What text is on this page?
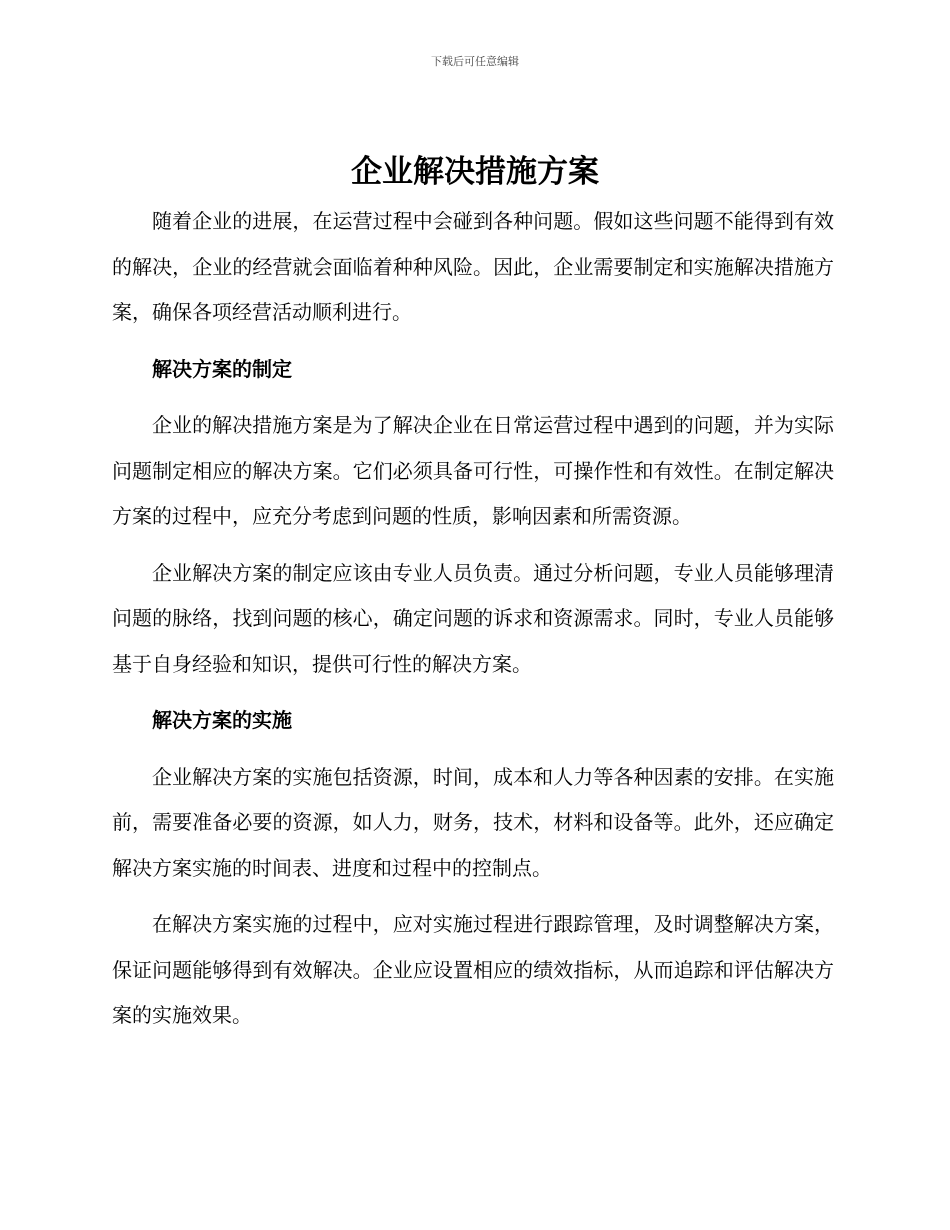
下载后可任意编辑
企业解决措施方案

随着企业的进展，在运营过程中会碰到各种问题。假如这些问题不能得到有效的解决，企业的经营就会面临着种种风险。因此，企业需要制定和实施解决措施方案，确保各项经营活动顺利进行。

解决方案的制定

企业的解决措施方案是为了解决企业在日常运营过程中遇到的问题，并为实际问题制定相应的解决方案。它们必须具备可行性，可操作性和有效性。在制定解决方案的过程中，应充分考虑到问题的性质，影响因素和所需资源。

企业解决方案的制定应该由专业人员负责。通过分析问题，专业人员能够理清问题的脉络，找到问题的核心，确定问题的诉求和资源需求。同时，专业人员能够基于自身经验和知识，提供可行性的解决方案。

解决方案的实施

企业解决方案的实施包括资源，时间，成本和人力等各种因素的安排。在实施前，需要准备必要的资源，如人力，财务，技术，材料和设备等。此外，还应确定解决方案实施的时间表、进度和过程中的控制点。

在解决方案实施的过程中，应对实施过程进行跟踪管理，及时调整解决方案，保证问题能够得到有效解决。企业应设置相应的绩效指标，从而追踪和评估解决方案的实施效果。
